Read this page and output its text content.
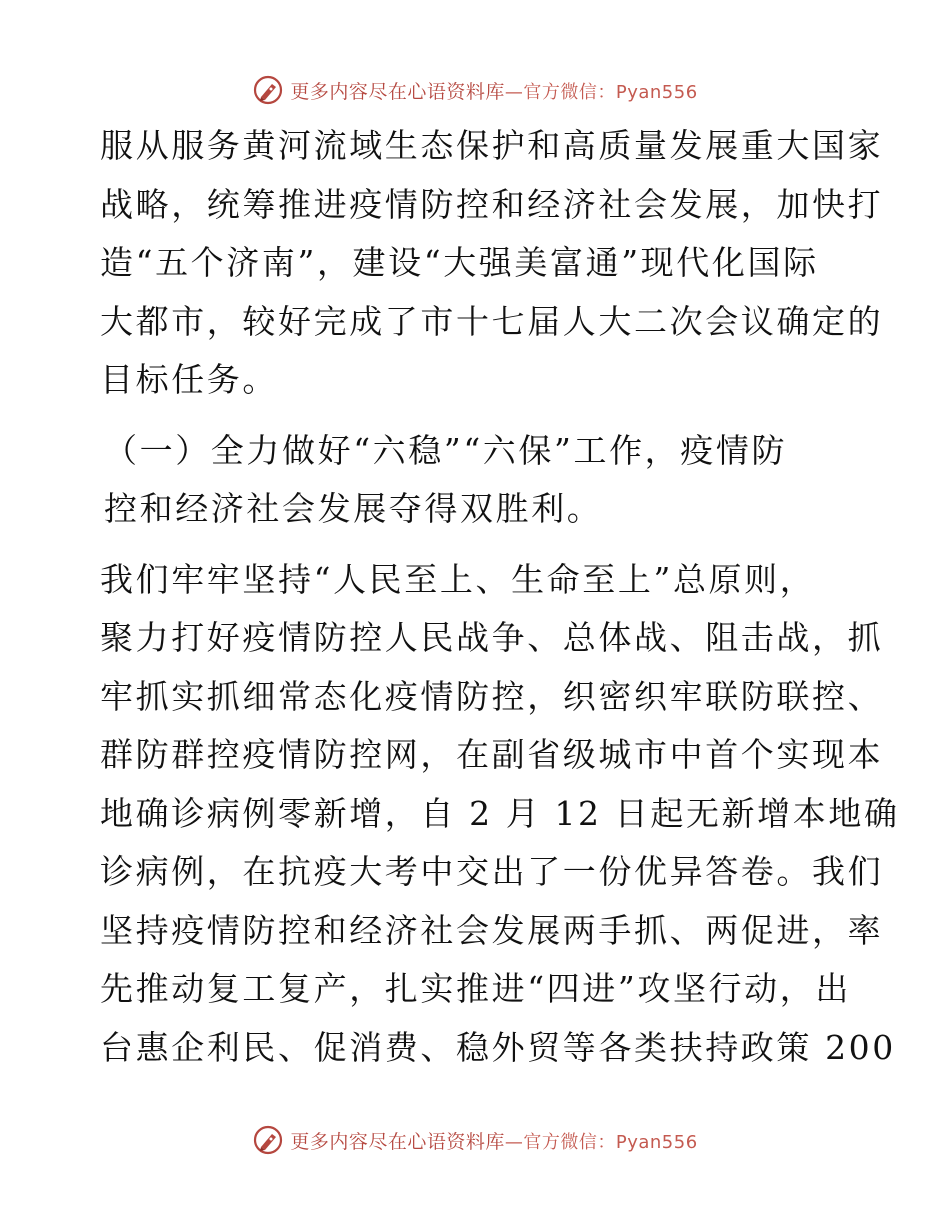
更多内容尽在心语资料库—官方微信：Pyan556

服从服务黄河流域生态保护和高质量发展重大国家
战略，统筹推进疫情防控和经济社会发展，加快打
造“五个济南”，建设“大强美富通”现代化国际
大都市，较好完成了市十七届人大二次会议确定的
目标任务。

（一）全力做好“六稳”“六保”工作，疫情防
控和经济社会发展夺得双胜利。

我们牢牢坚持“人民至上、生命至上”总原则，
聚力打好疫情防控人民战争、总体战、阻击战，抓
牢抓实抓细常态化疫情防控，织密织牢联防联控、
群防群控疫情防控网，在副省级城市中首个实现本
地确诊病例零新增，自 2 月 12 日起无新增本地确
诊病例，在抗疫大考中交出了一份优异答卷。我们
坚持疫情防控和经济社会发展两手抓、两促进，率
先推动复工复产，扎实推进“四进”攻坚行动，出
台惠企利民、促消费、稳外贸等各类扶持政策 200

更多内容尽在心语资料库—官方微信：Pyan556
